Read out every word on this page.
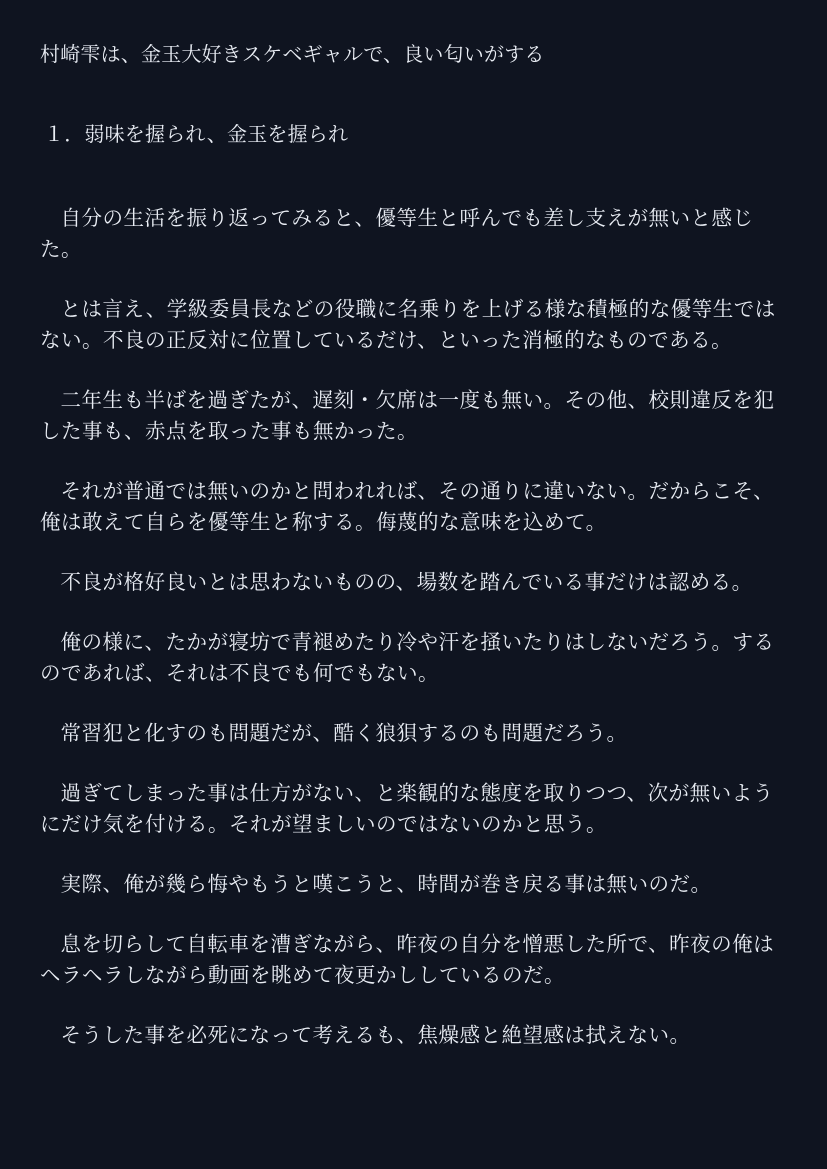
村崎雫は、金玉大好きスケベギャルで、良い匂いがする
１．弱味を握られ、金玉を握られ

自分の生活を振り返ってみると、優等生と呼んでも差し支えが無いと感じた。

とは言え、学級委員長などの役職に名乗りを上げる様な積極的な優等生ではない。不良の正反対に位置しているだけ、といった消極的なものである。

二年生も半ばを過ぎたが、遅刻・欠席は一度も無い。その他、校則違反を犯した事も、赤点を取った事も無かった。

それが普通では無いのかと問われれば、その通りに違いない。だからこそ、俺は敢えて自らを優等生と称する。侮蔑的な意味を込めて。

不良が格好良いとは思わないものの、場数を踏んでいる事だけは認める。

俺の様に、たかが寝坊で青褪めたり冷や汗を掻いたりはしないだろう。するのであれば、それは不良でも何でもない。

常習犯と化すのも問題だが、酷く狼狽するのも問題だろう。

過ぎてしまった事は仕方がない、と楽観的な態度を取りつつ、次が無いようにだけ気を付ける。それが望ましいのではないのかと思う。

実際、俺が幾ら悔やもうと嘆こうと、時間が巻き戻る事は無いのだ。

息を切らして自転車を漕ぎながら、昨夜の自分を憎悪した所で、昨夜の俺はヘラヘラしながら動画を眺めて夜更かししているのだ。

そうした事を必死になって考えるも、焦燥感と絶望感は拭えない。
